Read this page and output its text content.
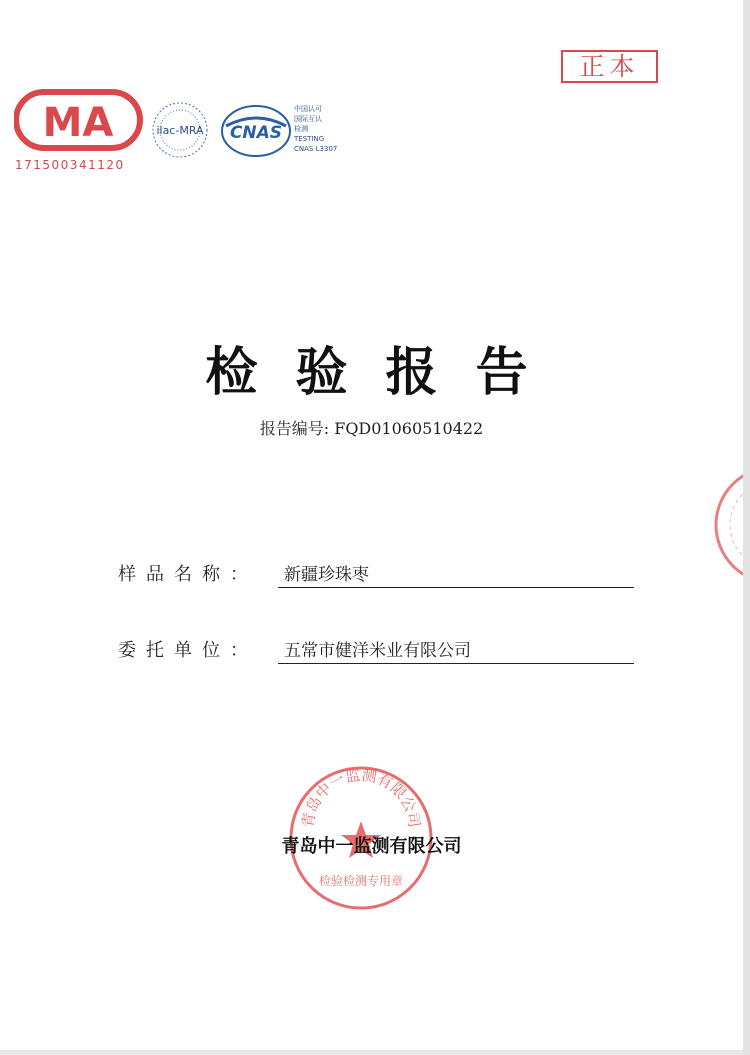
MA
171500341120
ilac-MRA CNAS
中国认可
国际互认
检测
TESTING
CNAS L3307
正本
检 验 报 告
报告编号: FQD01060510422
样品名称：	新疆珍珠枣
委托单位：	五常市健洋米业有限公司
青岛中一监测有限公司
检验检测专用章
青岛中一监测有限公司
